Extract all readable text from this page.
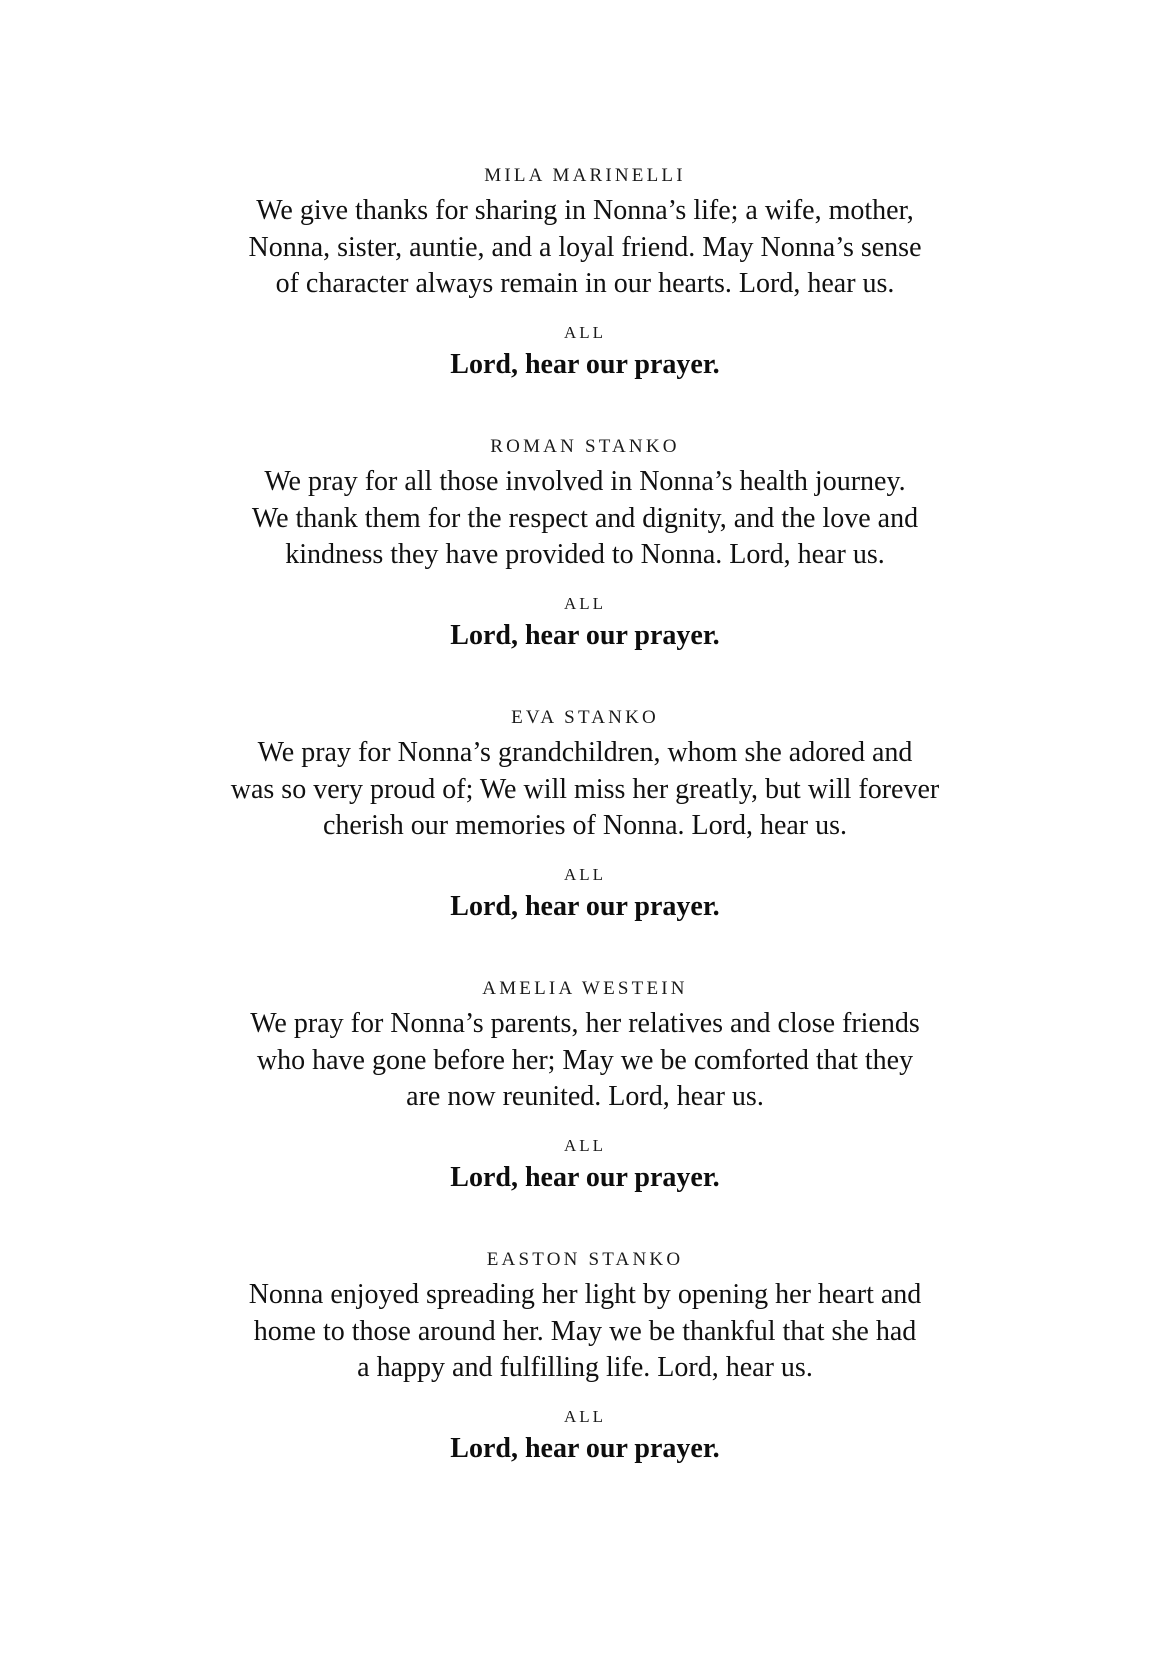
MILA MARINELLI
We give thanks for sharing in Nonna’s life; a wife, mother,
Nonna, sister, auntie, and a loyal friend. May Nonna’s sense
of character always remain in our hearts. Lord, hear us.
ALL
Lord, hear our prayer.
ROMAN STANKO
We pray for all those involved in Nonna’s health journey.
We thank them for the respect and dignity, and the love and
kindness they have provided to Nonna. Lord, hear us.
ALL
Lord, hear our prayer.
EVA STANKO
We pray for Nonna’s grandchildren, whom she adored and
was so very proud of; We will miss her greatly, but will forever
cherish our memories of Nonna. Lord, hear us.
ALL
Lord, hear our prayer.
AMELIA WESTEIN
We pray for Nonna’s parents, her relatives and close friends
who have gone before her; May we be comforted that they
are now reunited. Lord, hear us.
ALL
Lord, hear our prayer.
EASTON STANKO
Nonna enjoyed spreading her light by opening her heart and
home to those around her. May we be thankful that she had
a happy and fulfilling life. Lord, hear us.
ALL
Lord, hear our prayer.
